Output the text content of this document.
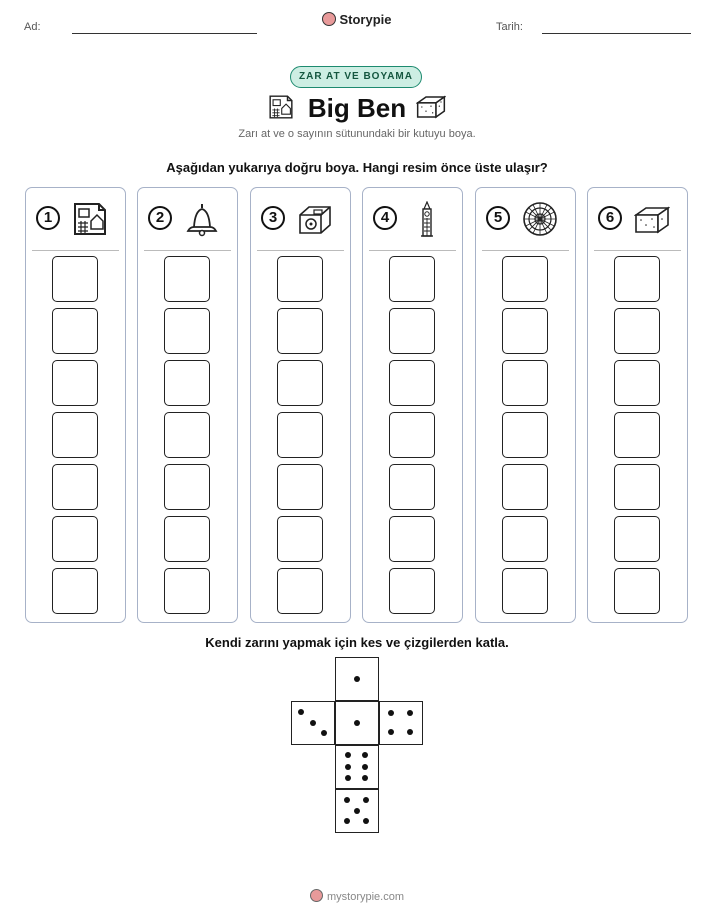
Ad:	Storypie	Tarih:
ZAR AT VE BOYAMA
Big Ben
Zarı at ve o sayının sütunundaki bir kutuyu boya.
Aşağıdan yukarıya doğru boya. Hangi resim önce üste ulaşır?
1	2	3	4	5	6
Kendi zarını yapmak için kes ve çizgilerden katla.
mystorypie.com
